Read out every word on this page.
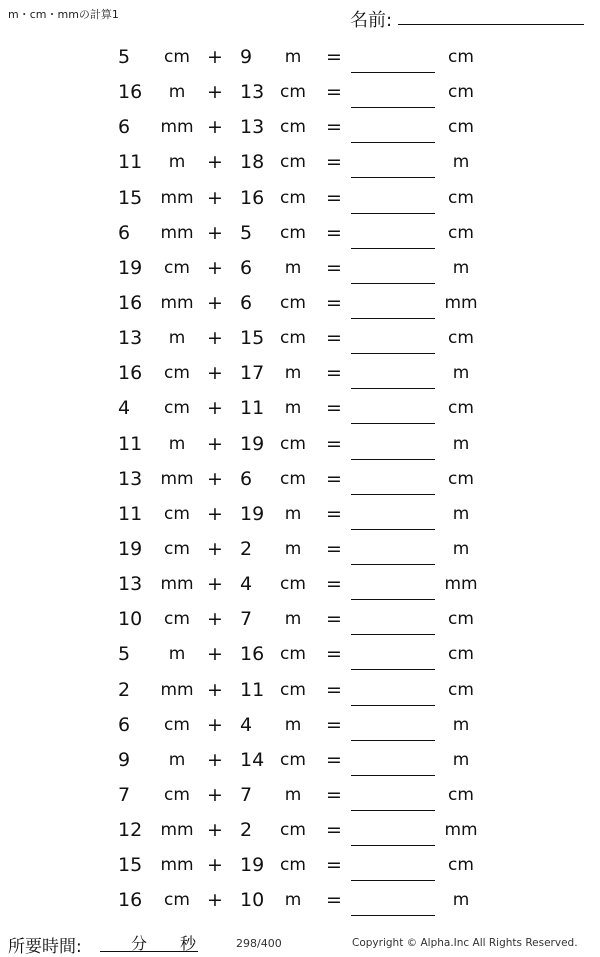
m・cm・mmの計算1	名前:
5	cm + 9	m	=	cm
16	m	+ 13 cm	=	cm
6	mm + 13 cm	=	cm
11	m	+ 18 cm	=	m
15	mm + 16 cm	=	cm
6	mm + 5	cm	=	cm
19	cm + 6	m	=	m
16	mm + 6	cm	=	mm
13	m	+ 15 cm	=	cm
16	cm + 17	m	=	m
4	cm + 11	m	=	cm
11	m	+ 19 cm	=	m
13	mm + 6	cm	=	cm
11	cm + 19	m	=	m
19	cm + 2	m	=	m
13	mm + 4	cm	=	mm
10	cm + 7	m	=	cm
5	m	+ 16 cm	=	cm
2	mm + 11 cm	=	cm
6	cm + 4	m	=	m
9	m	+ 14 cm	=	m
7	cm + 7	m	=	cm
12	mm + 2	cm	=	mm
15	mm + 19 cm	=	cm
16	cm + 10	m	=	m
所要時間:	分 秒	298/400	Copyright © Alpha.Inc All Rights Reserved.
